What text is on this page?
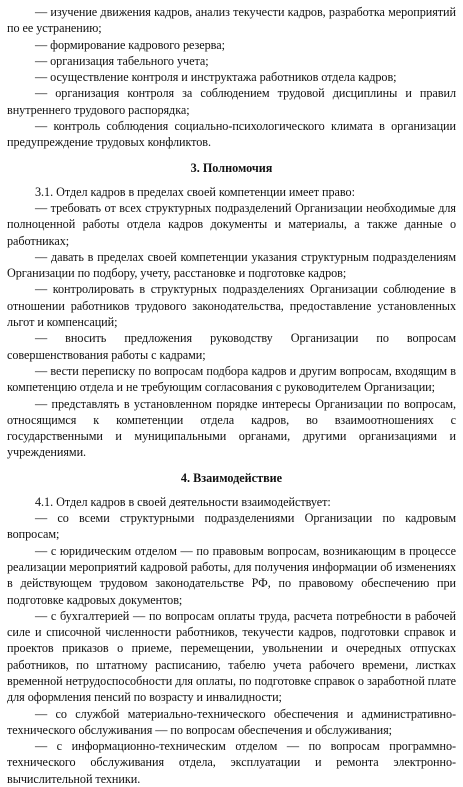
— изучение движения кадров, анализ текучести кадров, разработка мероприятий по ее устранению;

— формирование кадрового резерва;

— организация табельного учета;

— осуществление контроля и инструктажа работников отдела кадров;

— организация контроля за соблюдением трудовой дисциплины и правил внутреннего трудового распорядка;

— контроль соблюдения социально-психологического климата в организации предупреждение трудовых конфликтов.

3. Полномочия

3.1. Отдел кадров в пределах своей компетенции имеет право:

— требовать от всех структурных подразделений Организации необходимые для полноценной работы отдела кадров документы и материалы, а также данные о работниках;

— давать в пределах своей компетенции указания структурным подразделениям Организации по подбору, учету, расстановке и подготовке кадров;

— контролировать в структурных подразделениях Организации соблюдение в отношении работников трудового законодательства, предоставление установленных льгот и компенсаций;

— вносить предложения руководству Организации по вопросам совершенствования работы с кадрами;

— вести переписку по вопросам подбора кадров и другим вопросам, входящим в компетенцию отдела и не требующим согласования с руководителем Организации;

— представлять в установленном порядке интересы Организации по вопросам, относящимся к компетенции отдела кадров, во взаимоотношениях с государственными и муниципальными органами, другими организациями и учреждениями.

4. Взаимодействие

4.1. Отдел кадров в своей деятельности взаимодействует:

— со всеми структурными подразделениями Организации по кадровым вопросам;

— с юридическим отделом — по правовым вопросам, возникающим в процессе реализации мероприятий кадровой работы, для получения информации об изменениях в действующем трудовом законодательстве РФ, по правовому обеспечению при подготовке кадровых документов;

— с бухгалтерией — по вопросам оплаты труда, расчета потребности в рабочей силе и списочной численности работников, текучести кадров, подготовки справок и проектов приказов о приеме, перемещении, увольнении и очередных отпусках работников, по штатному расписанию, табелю учета рабочего времени, листках временной нетрудоспособности для оплаты, по подготовке справок о заработной плате для оформления пенсий по возрасту и инвалидности;

— со службой материально-технического обеспечения и административно-технического обслуживания — по вопросам обеспечения и обслуживания;

— с информационно-техническим отделом — по вопросам программно-технического обслуживания отдела, эксплуатации и ремонта электронно-вычислительной техники.
